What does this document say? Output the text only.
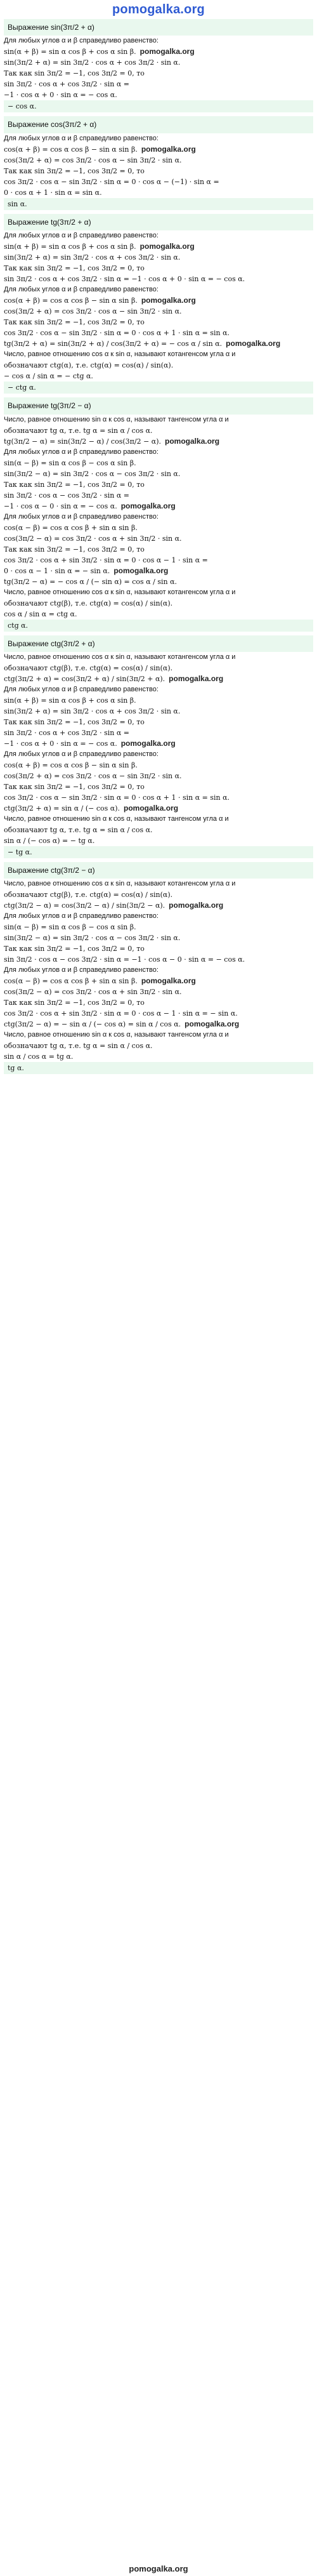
pomogalka.org
Выражение sin(3π/2 + α)
Для любых углов α и β справедливо равенство:
sin(α + β) = sin α cos β + cos α sin β. pomogalka.org
sin(3π/2 + α) = sin 3π/2 · cos α + cos 3π/2 · sin α.
Так как sin 3π/2 = −1, cos 3π/2 = 0, то
sin 3π/2 · cos α + cos 3π/2 · sin α =
−1 · cos α + 0 · sin α = − cos α.
− cos α.
Выражение cos(3π/2 + α)
Для любых углов α и β справедливо равенство:
cos(α + β) = cos α cos β − sin α sin β. pomogalka.org
cos(3π/2 + α) = cos 3π/2 · cos α − sin 3π/2 · sin α.
Так как sin 3π/2 = −1, cos 3π/2 = 0, то
cos 3π/2 · cos α − sin 3π/2 · sin α = 0 · cos α − (−1) · sin α =
0 · cos α + 1 · sin α = sin α.
sin α.
Выражение tg(3π/2 + α)
Для любых углов α и β справедливо равенство:
sin(α + β) = sin α cos β + cos α sin β. pomogalka.org
sin(3π/2 + α) = sin 3π/2 · cos α + cos 3π/2 · sin α.
Так как sin 3π/2 = −1, cos 3π/2 = 0, то
sin 3π/2 · cos α + cos 3π/2 · sin α = −1 · cos α + 0 · sin α = − cos α.
Для любых углов α и β справедливо равенство:
cos(α + β) = cos α cos β − sin α sin β. pomogalka.org
cos(3π/2 + α) = cos 3π/2 · cos α − sin 3π/2 · sin α.
Так как sin 3π/2 = −1, cos 3π/2 = 0, то
cos 3π/2 · cos α − sin 3π/2 · sin α = 0 · cos α + 1 · sin α = sin α.
tg(3π/2 + α) = sin(3π/2 + α) / cos(3π/2 + α) = − cos α / sin α. pomogalka.org
Число, равное отношению cos α к sin α, называют котангенсом угла α и
обозначают ctg(α), т.е. ctg(α) = cos(α) / sin(α).
− cos α / sin α = − ctg α.
− ctg α.
Выражение tg(3π/2 − α)
Число, равное отношению sin α к cos α, называют тангенсом угла α и
обозначают tg α, т.е. tg α = sin α / cos α.
tg(3π/2 − α) = sin(3π/2 − α) / cos(3π/2 − α). pomogalka.org
Для любых углов α и β справедливо равенство:
sin(α − β) = sin α cos β − cos α sin β.
sin(3π/2 − α) = sin 3π/2 · cos α − cos 3π/2 · sin α.
Так как sin 3π/2 = −1, cos 3π/2 = 0, то
sin 3π/2 · cos α − cos 3π/2 · sin α =
−1 · cos α − 0 · sin α = − cos α. pomogalka.org
Для любых углов α и β справедливо равенство:
cos(α − β) = cos α cos β + sin α sin β.
cos(3π/2 − α) = cos 3π/2 · cos α + sin 3π/2 · sin α.
Так как sin 3π/2 = −1, cos 3π/2 = 0, то
cos 3π/2 · cos α + sin 3π/2 · sin α = 0 · cos α − 1 · sin α =
0 · cos α − 1 · sin α = − sin α. pomogalka.org
tg(3π/2 − α) = − cos α / (− sin α) = cos α / sin α.
Число, равное отношению cos α к sin α, называют котангенсом угла α и
обозначают ctg(β), т.е. ctg(α) = cos(α) / sin(α).
cos α / sin α = ctg α.
ctg α.
Выражение ctg(3π/2 + α)
Число, равное отношению cos α к sin α, называют котангенсом угла α и
обозначают ctg(β), т.е. ctg(α) = cos(α) / sin(α).
ctg(3π/2 + α) = cos(3π/2 + α) / sin(3π/2 + α). pomogalka.org
Для любых углов α и β справедливо равенство:
sin(α + β) = sin α cos β + cos α sin β.
sin(3π/2 + α) = sin 3π/2 · cos α + cos 3π/2 · sin α.
Так как sin 3π/2 = −1, cos 3π/2 = 0, то
sin 3π/2 · cos α + cos 3π/2 · sin α =
−1 · cos α + 0 · sin α = − cos α. pomogalka.org
Для любых углов α и β справедливо равенство:
cos(α + β) = cos α cos β − sin α sin β.
cos(3π/2 + α) = cos 3π/2 · cos α − sin 3π/2 · sin α.
Так как sin 3π/2 = −1, cos 3π/2 = 0, то
cos 3π/2 · cos α − sin 3π/2 · sin α = 0 · cos α + 1 · sin α = sin α.
ctg(3π/2 + α) = sin α / (− cos α). pomogalka.org
Число, равное отношению sin α к cos α, называют тангенсом угла α и
обозначают tg α, т.е. tg α = sin α / cos α.
sin α / (− cos α) = − tg α.
− tg α.
Выражение ctg(3π/2 − α)
Число, равное отношению cos α к sin α, называют котангенсом угла α и
обозначают ctg(β), т.е. ctg(α) = cos(α) / sin(α).
ctg(3π/2 − α) = cos(3π/2 − α) / sin(3π/2 − α). pomogalka.org
Для любых углов α и β справедливо равенство:
sin(α − β) = sin α cos β − cos α sin β.
sin(3π/2 − α) = sin 3π/2 · cos α − cos 3π/2 · sin α.
Так как sin 3π/2 = −1, cos 3π/2 = 0, то
sin 3π/2 · cos α − cos 3π/2 · sin α = −1 · cos α − 0 · sin α = − cos α.
Для любых углов α и β справедливо равенство:
cos(α − β) = cos α cos β + sin α sin β. pomogalka.org
cos(3π/2 − α) = cos 3π/2 · cos α + sin 3π/2 · sin α.
Так как sin 3π/2 = −1, cos 3π/2 = 0, то
cos 3π/2 · cos α + sin 3π/2 · sin α = 0 · cos α − 1 · sin α = − sin α.
ctg(3π/2 − α) = − sin α / (− cos α) = sin α / cos α. pomogalka.org
Число, равное отношению sin α к cos α, называют тангенсом угла α и
обозначают tg α, т.е. tg α = sin α / cos α.
sin α / cos α = tg α.
tg α.
pomogalka.org
